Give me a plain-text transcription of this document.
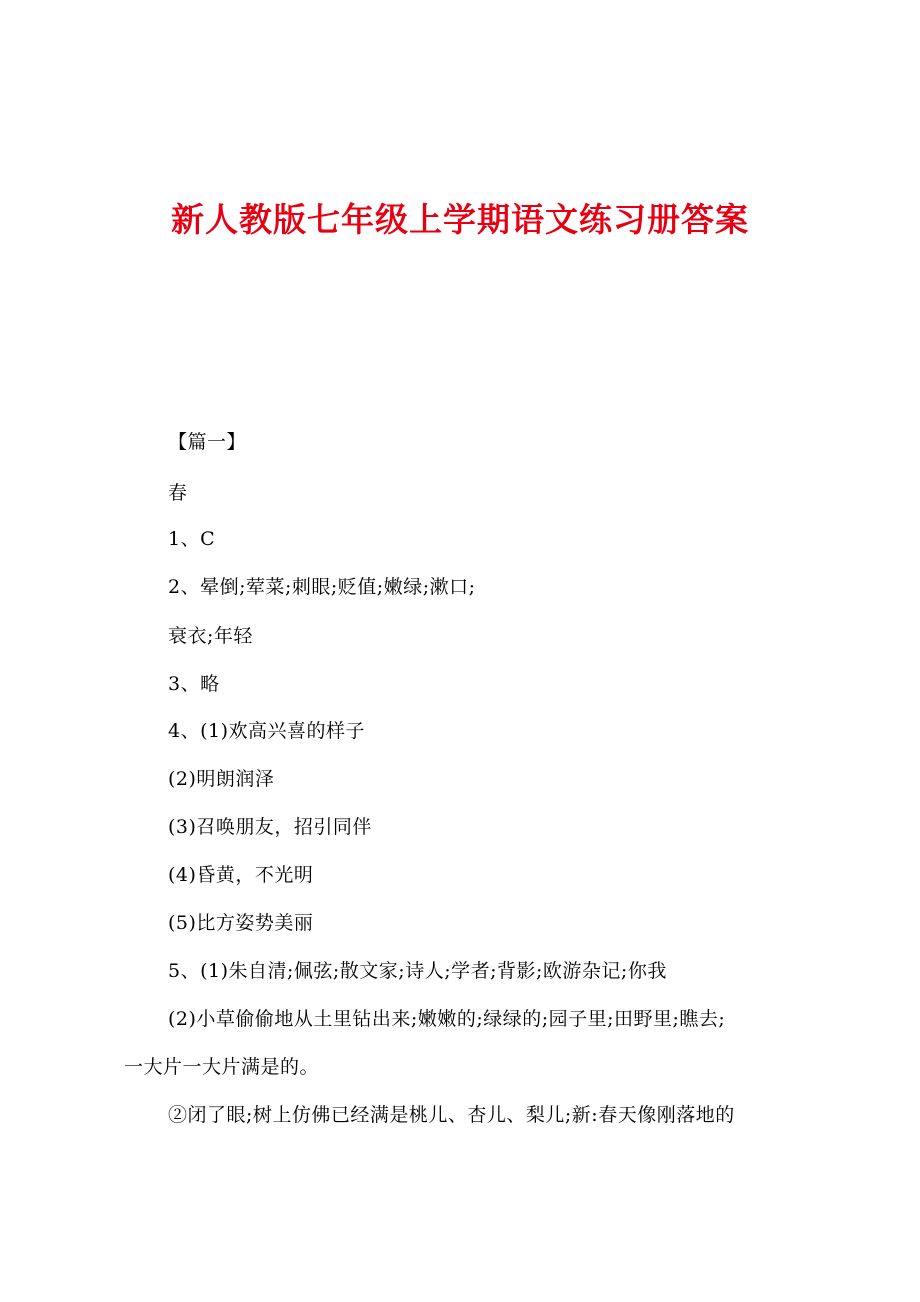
新人教版七年级上学期语文练习册答案
【篇一】
春
1、C
2、晕倒;荤菜;刺眼;贬值;嫩绿;漱口;
衰衣;年轻
3、略
4、(1)欢高兴喜的样子
(2)明朗润泽
(3)召唤朋友，招引同伴
(4)昏黄，不光明
(5)比方姿势美丽
5、(1)朱自清;佩弦;散文家;诗人;学者;背影;欧游杂记;你我
(2)小草偷偷地从土里钻出来;嫩嫩的;绿绿的;园子里;田野里;瞧去;
一大片一大片满是的。
②闭了眼;树上仿佛已经满是桃儿、杏儿、梨儿;新:春天像刚落地的
